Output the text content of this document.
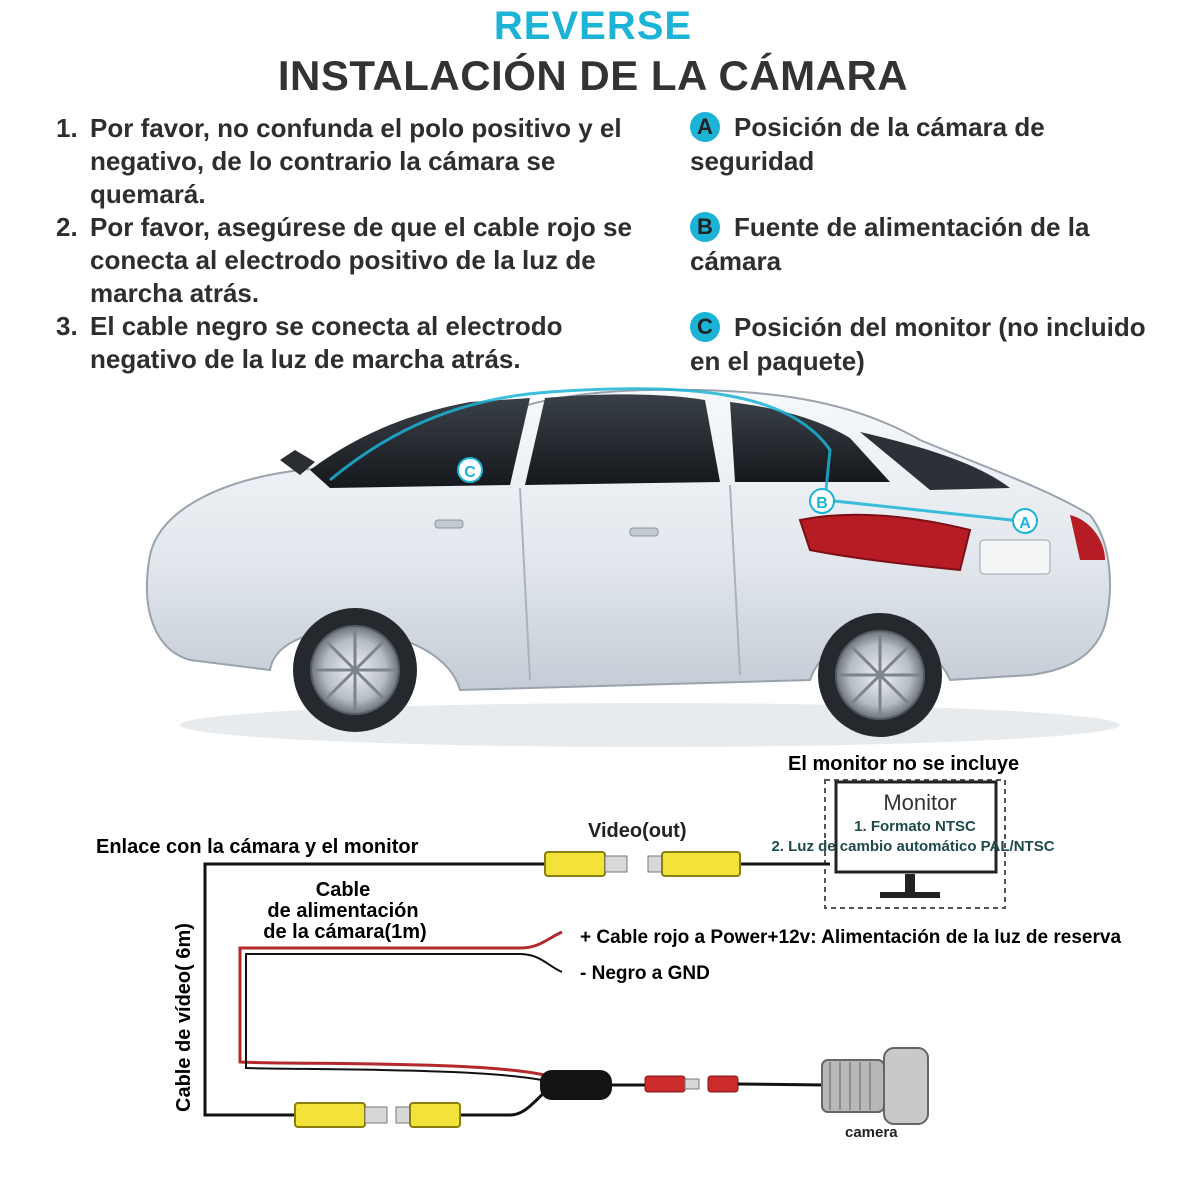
REVERSE
INSTALACIÓN DE LA CÁMARA
1. Por favor, no confunda el polo positivo y el negativo, de lo contrario la cámara se quemará.
2. Por favor, asegúrese de que el cable rojo se conecta al electrodo positivo de la luz de marcha atrás.
3. El cable negro se conecta al electrodo negativo de la luz de marcha atrás.
A Posición de la cámara de seguridad
B Fuente de alimentación de la cámara
C Posición del monitor (no incluido en el paquete)
C
B
A
El monitor no se incluye
Monitor
1. Formato NTSC
2. Luz de cambio automático PAL/NTSC
Video(out)
Enlace con la cámara y el monitor
+ Cable rojo a Power+12v: Alimentación de la luz de reserva
- Negro a GND
Cable
de alimentación
de la cámara(1m)
camera
Cable de vídeo( 6m)
